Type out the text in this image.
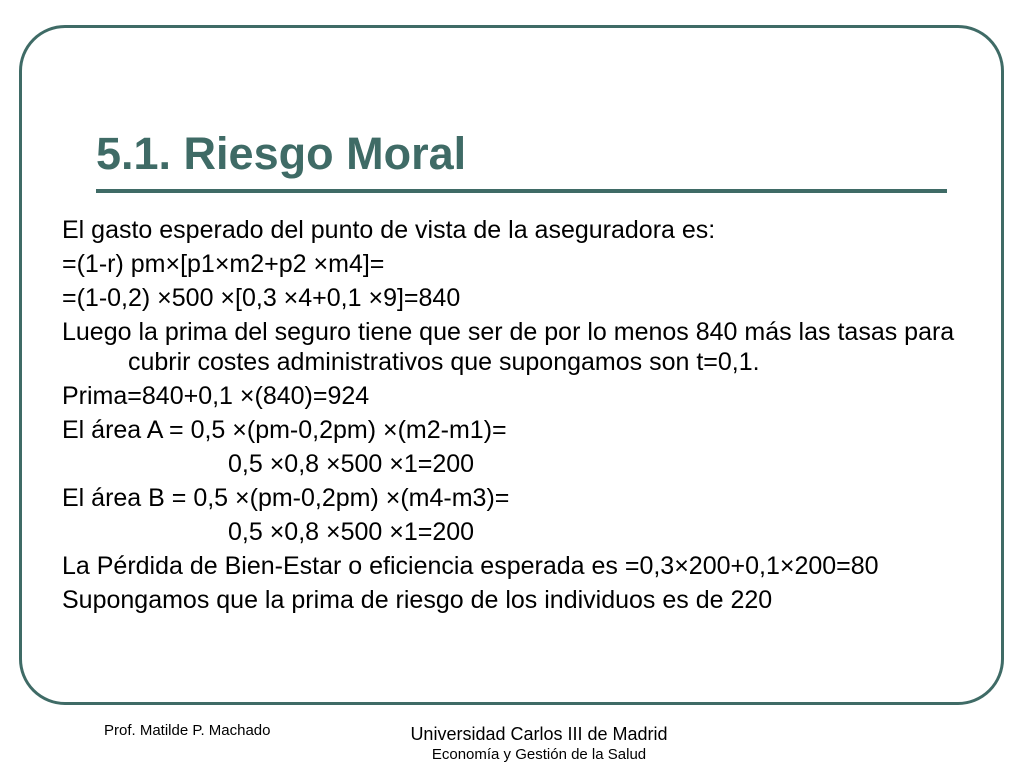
5.1. Riesgo Moral

El gasto esperado del punto de vista de la aseguradora es:

=(1-r) pm×[p1×m2+p2 ×m4]=

=(1-0,2) ×500 ×[0,3 ×4+0,1 ×9]=840

Luego la prima del seguro tiene que ser de por lo menos 840 más las tasas para cubrir costes administrativos que supongamos son t=0,1.

Prima=840+0,1 ×(840)=924

El área A = 0,5 ×(pm-0,2pm) ×(m2-m1)=

0,5 ×0,8 ×500 ×1=200

El área B = 0,5 ×(pm-0,2pm) ×(m4-m3)=

0,5 ×0,8 ×500 ×1=200

La Pérdida de Bien-Estar o eficiencia esperada es =0,3×200+0,1×200=80

Supongamos que la prima de riesgo de los individuos es de 220

Prof. Matilde P. Machado	Universidad Carlos III de Madrid
Economía y Gestión de la Salud
